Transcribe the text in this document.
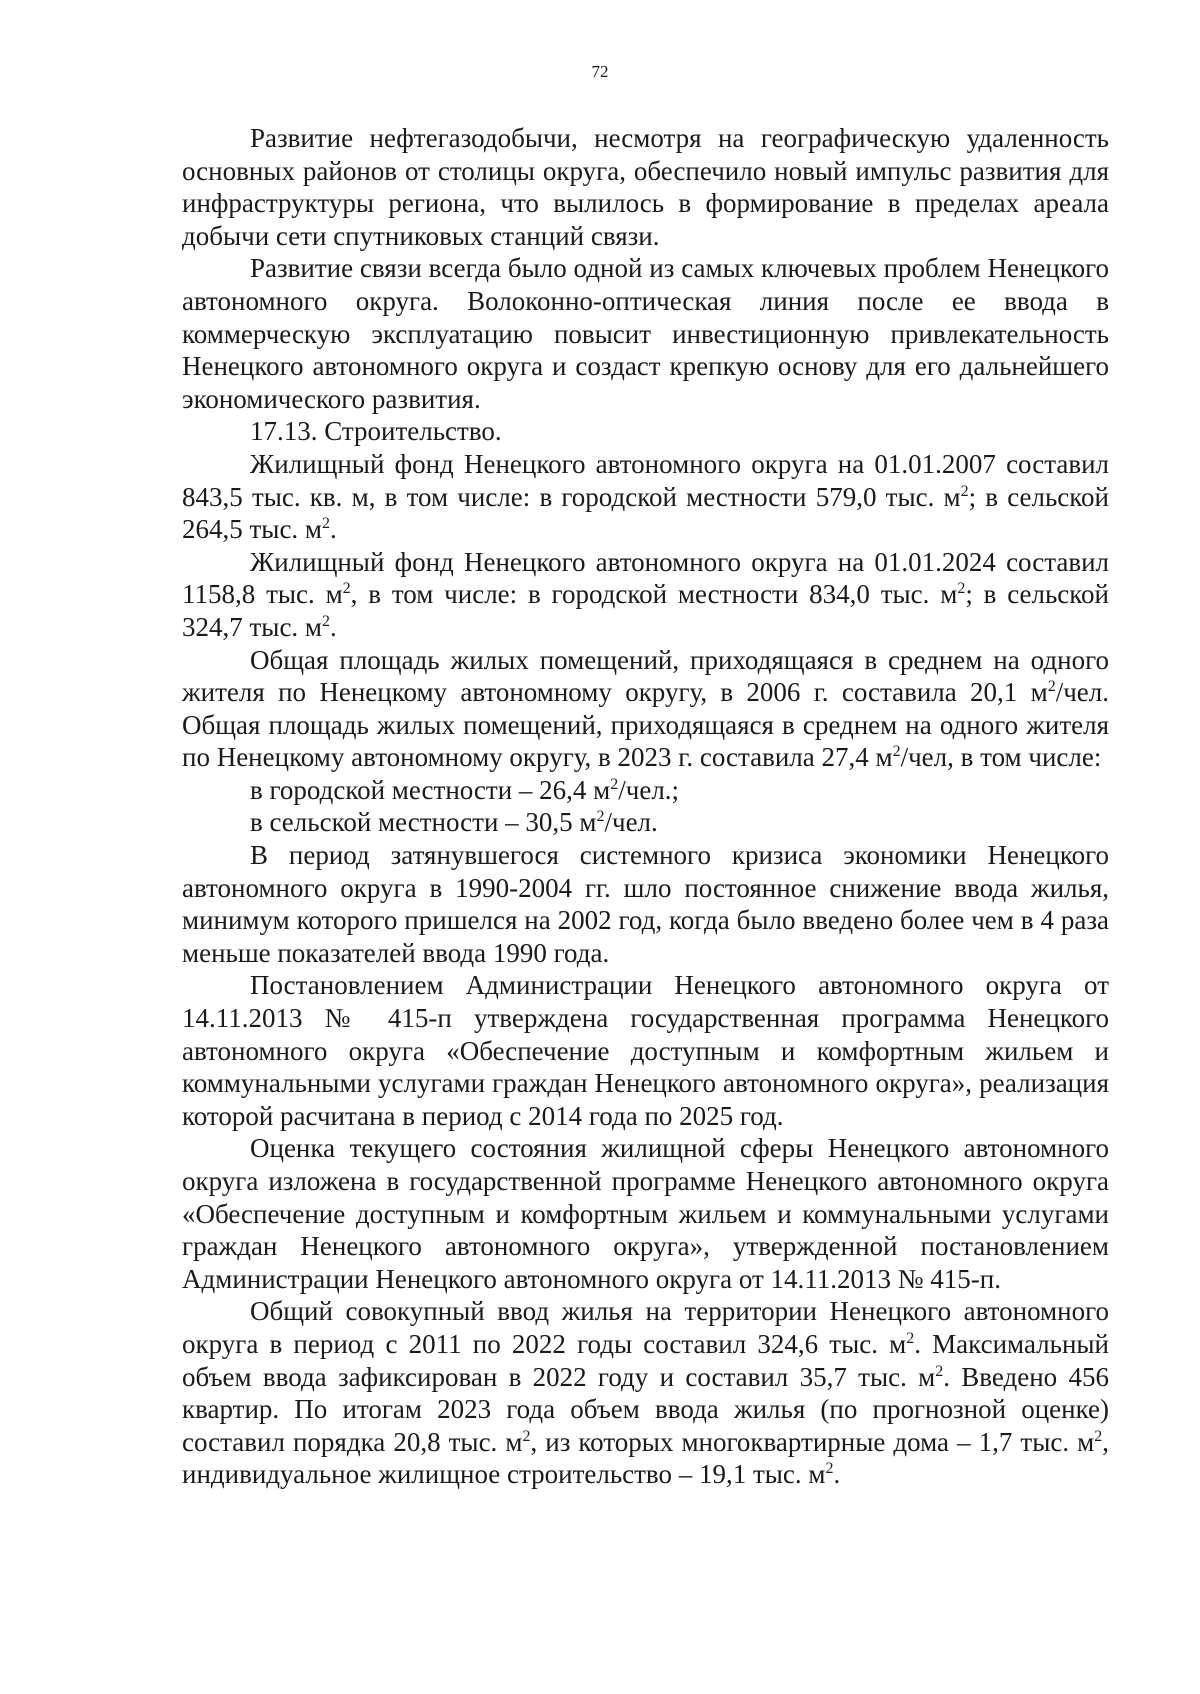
72

Развитие нефтегазодобычи, несмотря на географическую удаленность основных районов от столицы округа, обеспечило новый импульс развития для инфраструктуры региона, что вылилось в формирование в пределах ареала добычи сети спутниковых станций связи.

Развитие связи всегда было одной из самых ключевых проблем Ненецкого автономного округа. Волоконно-оптическая линия после ее ввода в коммерческую эксплуатацию повысит инвестиционную привлекательность Ненецкого автономного округа и создаст крепкую основу для его дальнейшего экономического развития.

17.13. Строительство.

Жилищный фонд Ненецкого автономного округа на 01.01.2007 составил 843,5 тыс. кв. м, в том числе: в городской местности 579,0 тыс. $м^2$; в сельской 264,5 тыс. $м^2$.

Жилищный фонд Ненецкого автономного округа на 01.01.2024 составил 1158,8 тыс. $м^2$, в том числе: в городской местности 834,0 тыс. $м^2$; в сельской 324,7 тыс. $м^2$.

Общая площадь жилых помещений, приходящаяся в среднем на одного жителя по Ненецкому автономному округу, в 2006 г. составила 20,1 $м^2$/чел. Общая площадь жилых помещений, приходящаяся в среднем на одного жителя по Ненецкому автономному округу, в 2023 г. составила 27,4 $м^2$/чел, в том числе:

в городской местности – 26,4 $м^2$/чел.;

в сельской местности – 30,5 $м^2$/чел.

В период затянувшегося системного кризиса экономики Ненецкого автономного округа в 1990-2004 гг. шло постоянное снижение ввода жилья, минимум которого пришелся на 2002 год, когда было введено более чем в 4 раза меньше показателей ввода 1990 года.

Постановлением Администрации Ненецкого автономного округа от 14.11.2013 № 415-п утверждена государственная программа Ненецкого автономного округа «Обеспечение доступным и комфортным жильем и коммунальными услугами граждан Ненецкого автономного округа», реализация которой расчитана в период с 2014 года по 2025 год.

Оценка текущего состояния жилищной сферы Ненецкого автономного округа изложена в государственной программе Ненецкого автономного округа «Обеспечение доступным и комфортным жильем и коммунальными услугами граждан Ненецкого автономного округа», утвержденной постановлением Администрации Ненецкого автономного округа от 14.11.2013 № 415-п.

Общий совокупный ввод жилья на территории Ненецкого автономного округа в период с 2011 по 2022 годы составил 324,6 тыс. $м^2$. Максимальный объем ввода зафиксирован в 2022 году и составил 35,7 тыс. $м^2$. Введено 456 квартир. По итогам 2023 года объем ввода жилья (по прогнозной оценке) составил порядка 20,8 тыс. $м^2$, из которых многоквартирные дома – 1,7 тыс. $м^2$, индивидуальное жилищное строительство – 19,1 тыс. $м^2$.
